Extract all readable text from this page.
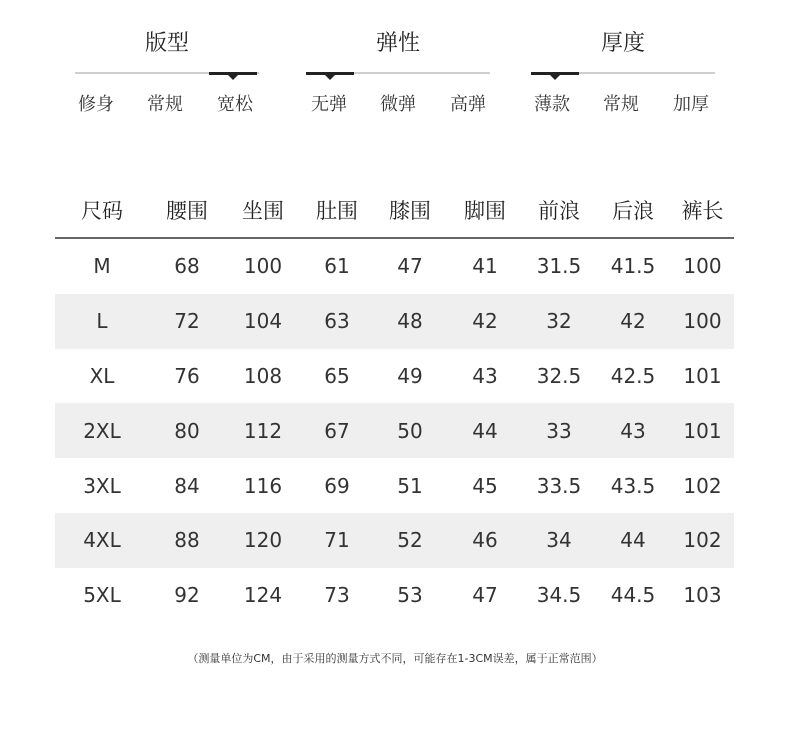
版型
修身	常规	宽松
弹性
无弹	微弹	高弹
厚度
薄款	常规	加厚
尺码	腰围	坐围	肚围	膝围	脚围	前浪	后浪	裤长
M	68	100	61	47	41	31.5	41.5	100
L	72	104	63	48	42	32	42	100
XL	76	108	65	49	43	32.5	42.5	101
2XL	80	112	67	50	44	33	43	101
3XL	84	116	69	51	45	33.5	43.5	102
4XL	88	120	71	52	46	34	44	102
5XL	92	124	73	53	47	34.5	44.5	103
（测量单位为CM，由于采用的测量方式不同，可能存在1-3CM误差，属于正常范围）
